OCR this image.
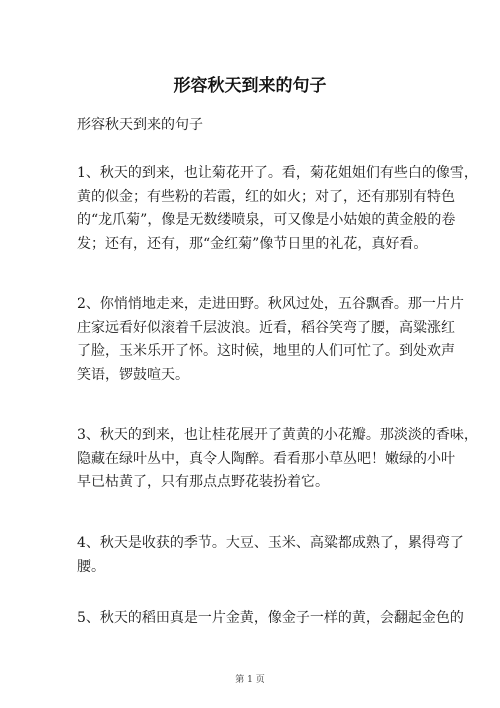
形容秋天到来的句子
形容秋天到来的句子

1、秋天的到来，也让菊花开了。看，菊花姐姐们有些白的像雪，
黄的似金；有些粉的若霞，红的如火；对了，还有那别有特色
的“龙爪菊”，像是无数缕喷泉，可又像是小姑娘的黄金般的卷
发；还有，还有，那“金红菊”像节日里的礼花，真好看。

2、你悄悄地走来，走进田野。秋风过处，五谷飘香。那一片片
庄家远看好似滚着千层波浪。近看，稻谷笑弯了腰，高粱涨红
了脸，玉米乐开了怀。这时候，地里的人们可忙了。到处欢声
笑语，锣鼓喧天。

3、秋天的到来，也让桂花展开了黄黄的小花瓣。那淡淡的香味，
隐藏在绿叶丛中，真令人陶醉。看看那小草丛吧！嫩绿的小叶
早已枯黄了，只有那点点野花装扮着它。

4、秋天是收获的季节。大豆、玉米、高粱都成熟了，累得弯了
腰。

5、秋天的稻田真是一片金黄，像金子一样的黄，会翻起金色的

第 1 页
